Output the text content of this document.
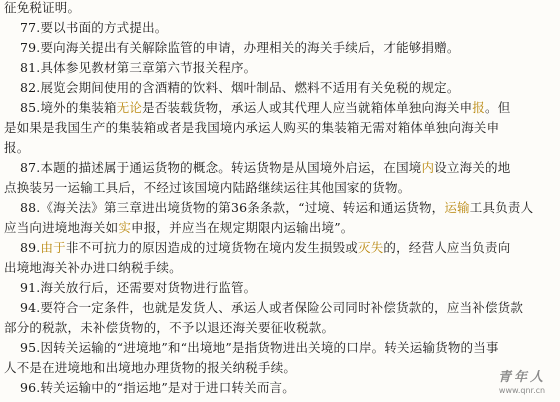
征免税证明。
77.要以书面的方式提出。
79.要向海关提出有关解除监管的申请，办理相关的海关手续后，才能够捐赠。
81.具体参见教材第三章第六节报关程序。
82.展览会期间使用的含酒精的饮料、烟叶制品、燃料不适用有关免税的规定。
85.境外的集装箱无论是否装载货物，承运人或其代理人应当就箱体单独向海关申报。但
是如果是我国生产的集装箱或者是我国境内承运人购买的集装箱无需对箱体单独向海关申
报。
87.本题的描述属于通运货物的概念。转运货物是从国境外启运，在国境内设立海关的地
点换装另一运输工具后，不经过该国境内陆路继续运往其他国家的货物。
88.《海关法》第三章进出境货物的第36条条款，“过境、转运和通运货物，运输工具负责人
应当向进境地海关如实申报，并应当在规定期限内运输出境”。
89.由于非不可抗力的原因造成的过境货物在境内发生损毁或灭失的，经营人应当负责向
出境地海关补办进口纳税手续。
91.海关放行后，还需要对货物进行监管。
94.要符合一定条件，也就是发货人、承运人或者保险公司同时补偿货款的，应当补偿货款
部分的税款，未补偿货物的，不予以退还海关要征收税款。
95.因转关运输的“进境地”和“出境地”是指货物进出关境的口岸。转关运输货物的当事
人不是在进境地和出境地办理货物的报关纳税手续。
96.转关运输中的“指运地”是对于进口转关而言。
青年人
www.qnr.cn
